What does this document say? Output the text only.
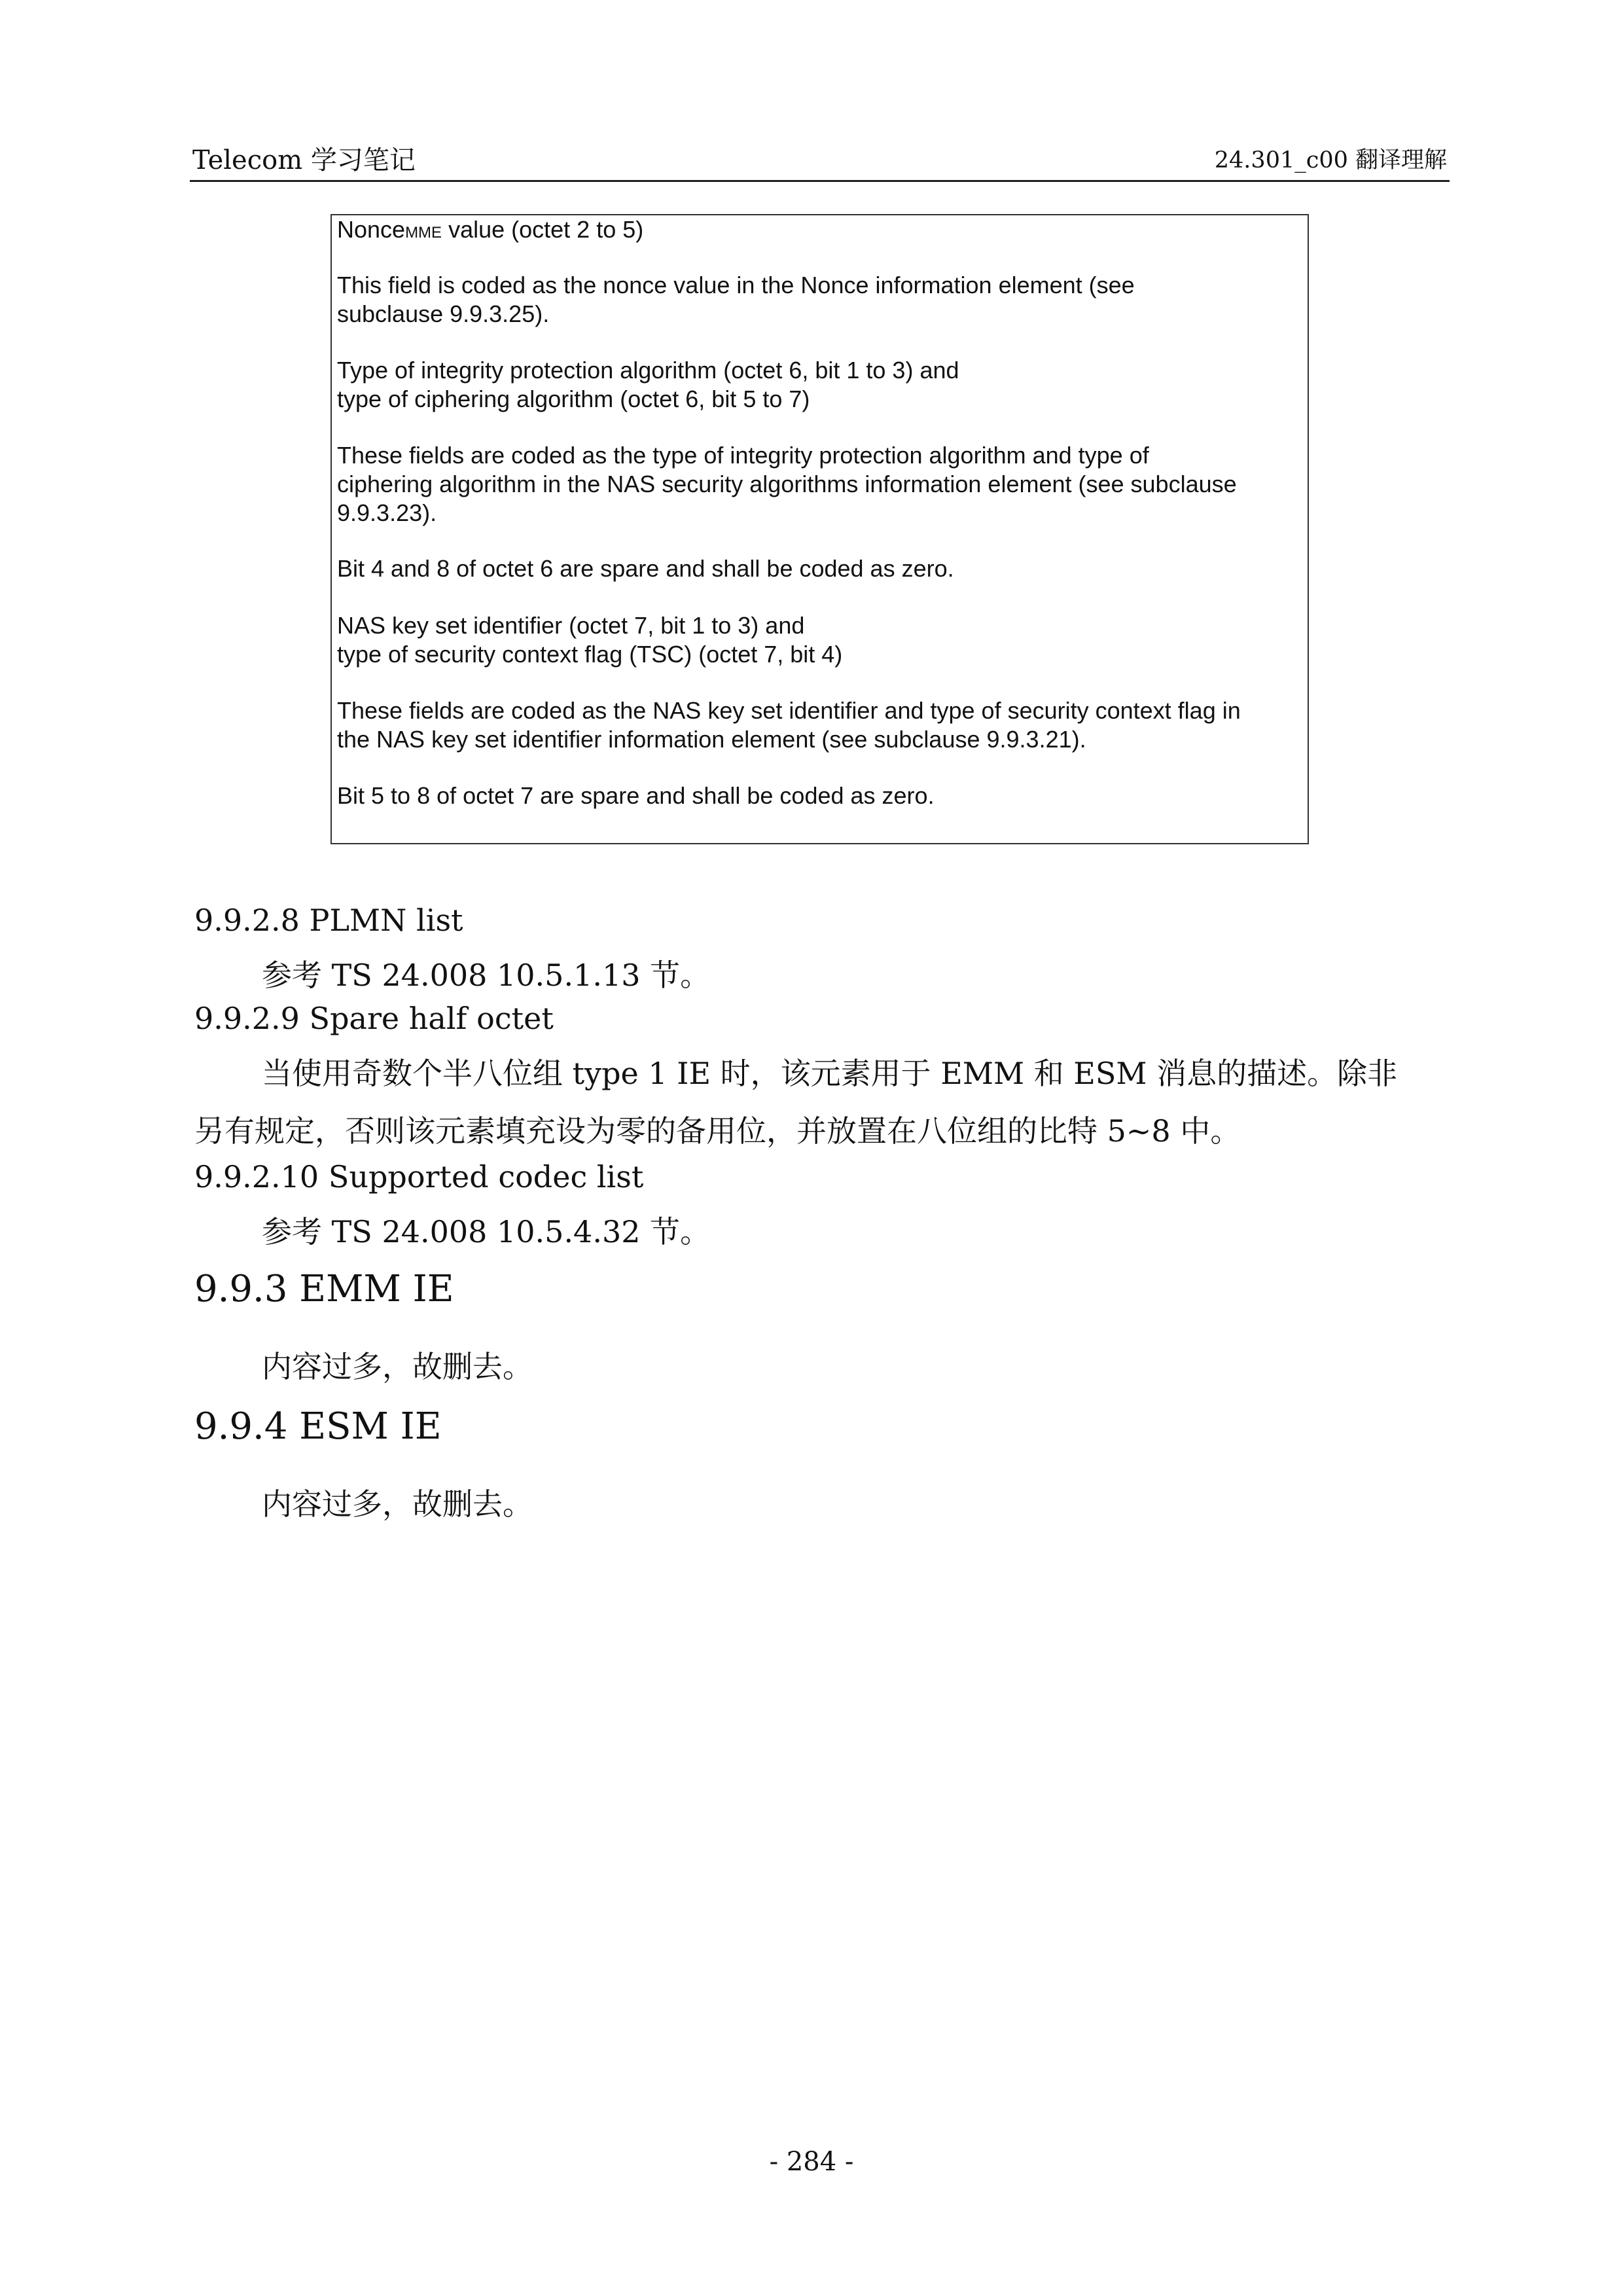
Telecom 学习笔记	24.301_c00 翻译理解
NonceMME value (octet 2 to 5)
This field is coded as the nonce value in the Nonce information element (see
subclause 9.9.3.25).
Type of integrity protection algorithm (octet 6, bit 1 to 3) and
type of ciphering algorithm (octet 6, bit 5 to 7)
These fields are coded as the type of integrity protection algorithm and type of
ciphering algorithm in the NAS security algorithms information element (see subclause
9.9.3.23).
Bit 4 and 8 of octet 6 are spare and shall be coded as zero.
NAS key set identifier (octet 7, bit 1 to 3) and
type of security context flag (TSC) (octet 7, bit 4)
These fields are coded as the NAS key set identifier and type of security context flag in
the NAS key set identifier information element (see subclause 9.9.3.21).
Bit 5 to 8 of octet 7 are spare and shall be coded as zero.
9.9.2.8 PLMN list
参考 TS 24.008 10.5.1.13 节。
9.9.2.9 Spare half octet
当使用奇数个半八位组 type 1 IE 时，该元素用于 EMM 和 ESM 消息的描述。除非
另有规定，否则该元素填充设为零的备用位，并放置在八位组的比特 5~8 中。
9.9.2.10 Supported codec list
参考 TS 24.008 10.5.4.32 节。
9.9.3 EMM IE
内容过多，故删去。
9.9.4 ESM IE
内容过多，故删去。
- 284 -
